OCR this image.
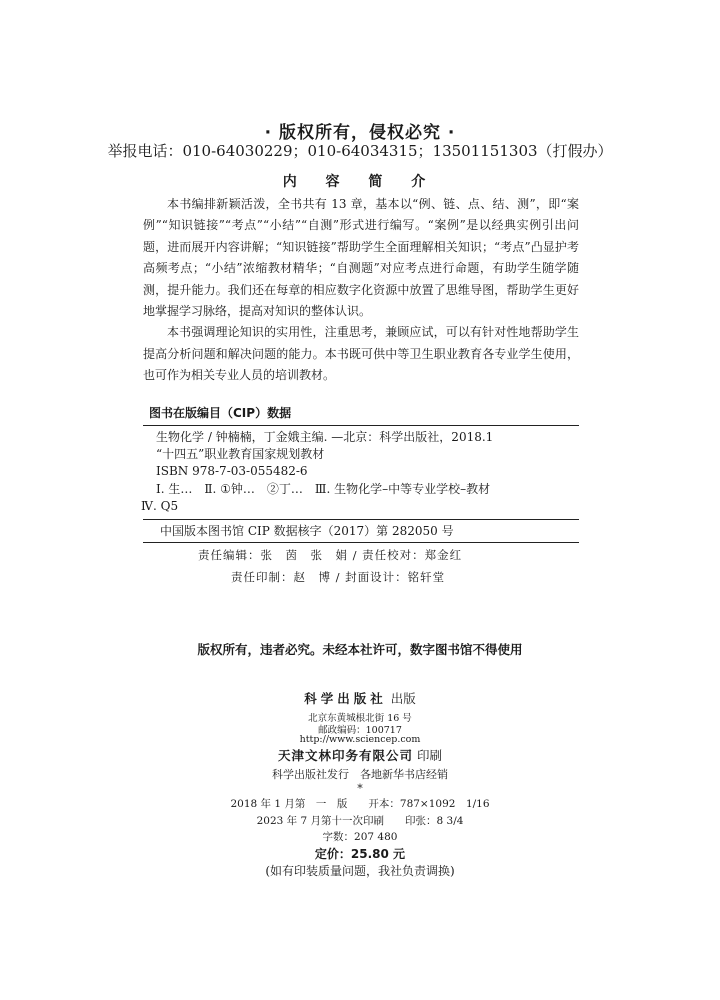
· 版权所有，侵权必究 ·
举报电话：010-64030229；010-64034315；13501151303（打假办）
内 容 简 介

本书编排新颖活泼，全书共有 13 章，基本以“例、链、点、结、测”，即“案例”“知识链接”“考点”“小结”“自测”形式进行编写。“案例”是以经典实例引出问题，进而展开内容讲解；“知识链接”帮助学生全面理解相关知识；“考点”凸显护考高频考点；“小结”浓缩教材精华；“自测题”对应考点进行命题，有助学生随学随测，提升能力。我们还在每章的相应数字化资源中放置了思维导图，帮助学生更好地掌握学习脉络，提高对知识的整体认识。

本书强调理论知识的实用性，注重思考，兼顾应试，可以有针对性地帮助学生提高分析问题和解决问题的能力。本书既可供中等卫生职业教育各专业学生使用，也可作为相关专业人员的培训教材。

图书在版编目（CIP）数据
生物化学 / 钟楠楠，丁金娥主编. —北京：科学出版社，2018.1
“十四五”职业教育国家规划教材
ISBN 978-7-03-055482-6
Ⅰ. 生…　Ⅱ. ①钟…　②丁…　Ⅲ. 生物化学–中等专业学校–教材
Ⅳ. Q5
中国版本图书馆 CIP 数据核字（2017）第 282050 号
责任编辑：张　茵　张　娟 / 责任校对：郑金红
责任印制：赵　博 / 封面设计：铭轩堂
版权所有，违者必究。未经本社许可，数字图书馆不得使用
科学出版社 出版
北京东黄城根北街 16 号
邮政编码：100717
http://www.sciencep.com
天津文林印务有限公司 印刷
科学出版社发行　各地新华书店经销
*
2018 年 1 月第　一　版　　开本：787×1092　1/16
2023 年 7 月第十一次印刷　　印张：8 3/4
字数：207 480
定价：25.80 元
(如有印装质量问题，我社负责调换)
